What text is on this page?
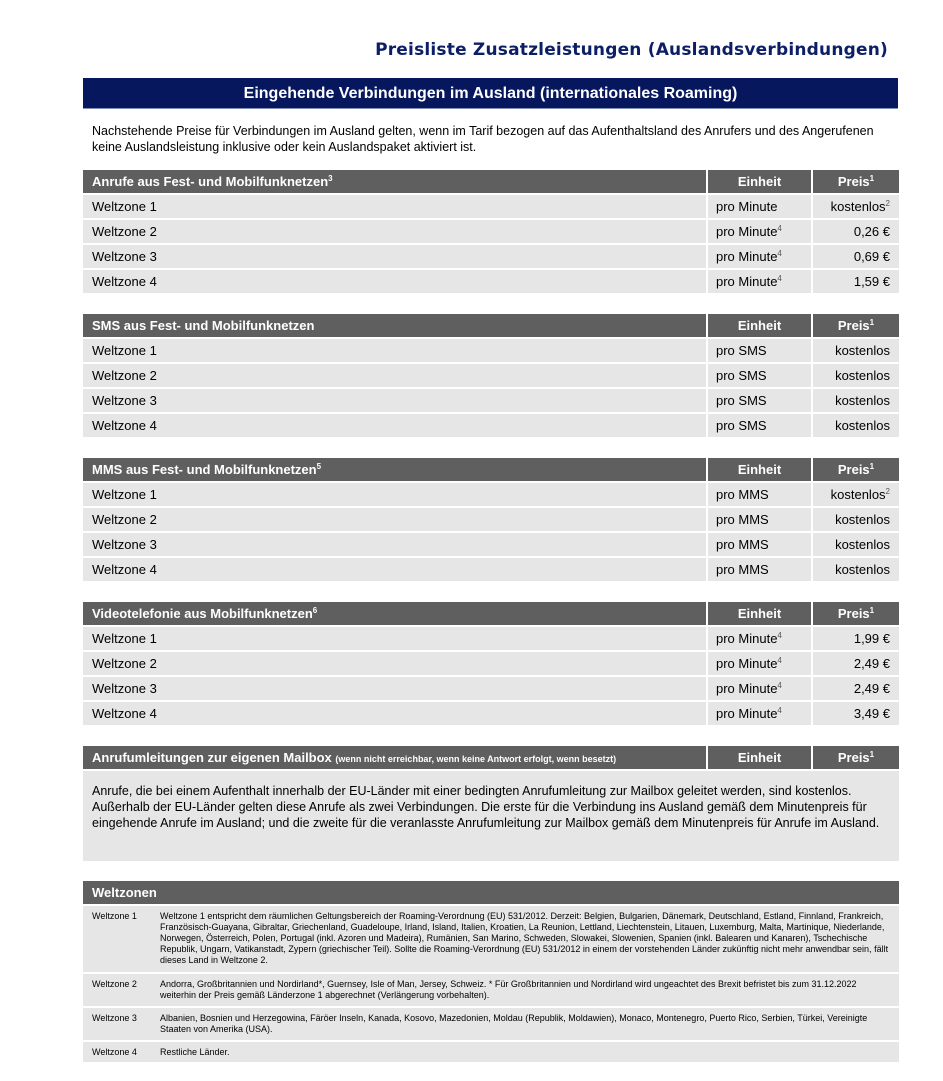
Preisliste Zusatzleistungen (Auslandsverbindungen)
Eingehende Verbindungen im Ausland (internationales Roaming)
Nachstehende Preise für Verbindungen im Ausland gelten, wenn im Tarif bezogen auf das Aufenthaltsland des Anrufers und des Angerufenen keine Auslandsleistung inklusive oder kein Auslandspaket aktiviert ist.
Anrufe aus Fest- und Mobilfunknetzen$^3$	Einheit	Preis$^1$
Weltzone 1	pro Minute	kostenlos$^2$
Weltzone 2	pro Minute$^4$	0,26 €
Weltzone 3	pro Minute$^4$	0,69 €
Weltzone 4	pro Minute$^4$	1,59 €
SMS aus Fest- und Mobilfunknetzen	Einheit	Preis$^1$
Weltzone 1	pro SMS	kostenlos
Weltzone 2	pro SMS	kostenlos
Weltzone 3	pro SMS	kostenlos
Weltzone 4	pro SMS	kostenlos
MMS aus Fest- und Mobilfunknetzen$^5$	Einheit	Preis$^1$
Weltzone 1	pro MMS	kostenlos$^2$
Weltzone 2	pro MMS	kostenlos
Weltzone 3	pro MMS	kostenlos
Weltzone 4	pro MMS	kostenlos
Videotelefonie aus Mobilfunknetzen$^6$	Einheit	Preis$^1$
Weltzone 1	pro Minute$^4$	1,99 €
Weltzone 2	pro Minute$^4$	2,49 €
Weltzone 3	pro Minute$^4$	2,49 €
Weltzone 4	pro Minute$^4$	3,49 €
Anrufumleitungen zur eigenen Mailbox (wenn nicht erreichbar, wenn keine Antwort erfolgt, wenn besetzt)	Einheit	Preis$^1$
Anrufe, die bei einem Aufenthalt innerhalb der EU-Länder mit einer bedingten Anrufumleitung zur Mailbox geleitet werden, sind kostenlos. Außerhalb der EU-Länder gelten diese Anrufe als zwei Verbindungen. Die erste für die Verbindung ins Ausland gemäß dem Minutenpreis für eingehende Anrufe im Ausland; und die zweite für die veranlasste Anrufumleitung zur Mailbox gemäß dem Minutenpreis für Anrufe im Ausland.
Weltzonen
Weltzone 1	Weltzone 1 entspricht dem räumlichen Geltungsbereich der Roaming-Verordnung (EU) 531/2012. Derzeit: Belgien, Bulgarien, Dänemark, Deutschland, Estland, Finnland, Frankreich, Französisch-Guayana, Gibraltar, Griechenland, Guadeloupe, Irland, Island, Italien, Kroatien, La Reunion, Lettland, Liechtenstein, Litauen, Luxemburg, Malta, Martinique, Niederlande, Norwegen, Österreich, Polen, Portugal (inkl. Azoren und Madeira), Rumänien, San Marino, Schweden, Slowakei, Slowenien, Spanien (inkl. Balearen und Kanaren), Tschechische Republik, Ungarn, Vatikanstadt, Zypern (griechischer Teil). Sollte die Roaming-Verordnung (EU) 531/2012 in einem der vorstehenden Länder zukünftig nicht mehr anwendbar sein, fällt dieses Land in Weltzone 2.
Weltzone 2	Andorra, Großbritannien und Nordirland*, Guernsey, Isle of Man, Jersey, Schweiz. * Für Großbritannien und Nordirland wird ungeachtet des Brexit befristet bis zum 31.12.2022 weiterhin der Preis gemäß Länderzone 1 abgerechnet (Verlängerung vorbehalten).
Weltzone 3	Albanien, Bosnien und Herzegowina, Färöer Inseln, Kanada, Kosovo, Mazedonien, Moldau (Republik, Moldawien), Monaco, Montenegro, Puerto Rico, Serbien, Türkei, Vereinigte Staaten von Amerika (USA).
Weltzone 4	Restliche Länder.
